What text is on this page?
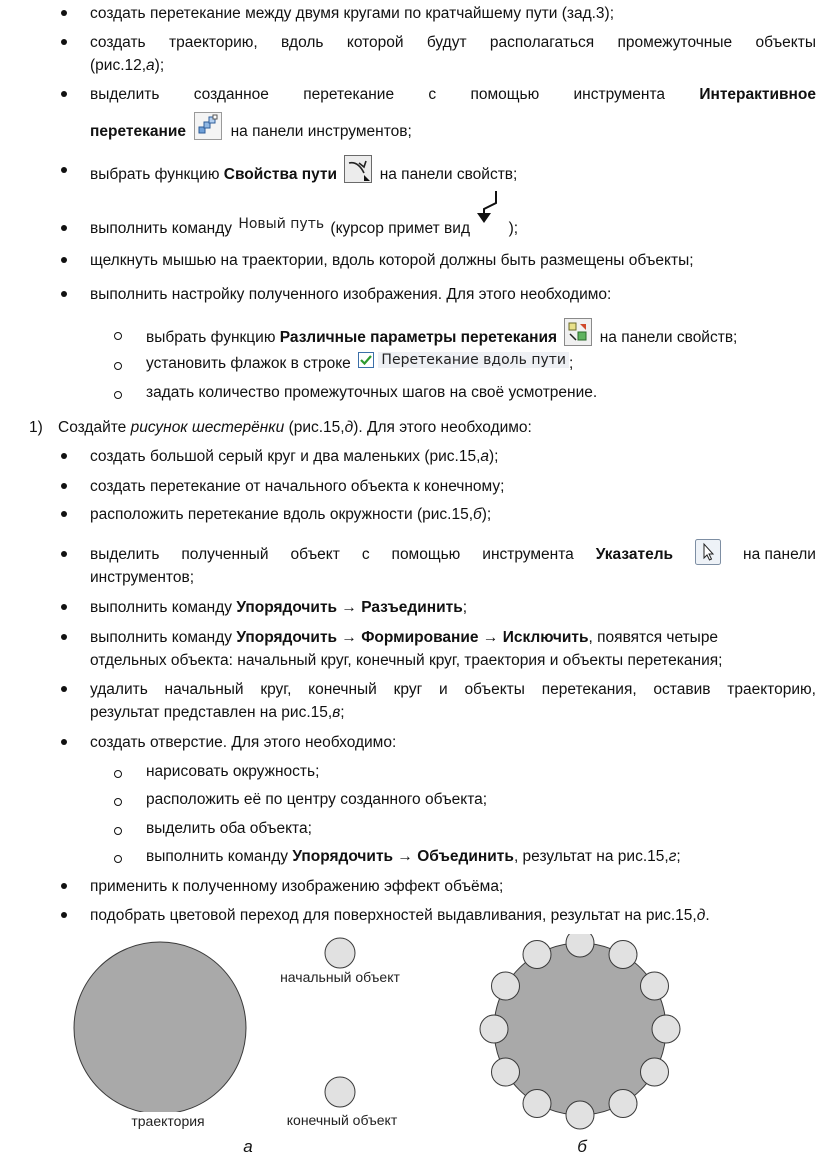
создать перетекание между двумя кругами по кратчайшему пути (зад.3);
создать траекторию, вдоль которой будут располагаться промежуточные объекты
(рис.12,а);
выделить созданное перетекание с помощью инструмента Интерактивное
перетекание	на панели инструментов;
выбрать функцию Свойства пути	на панели свойств;
выполнить команду Новый путь (курсор примет вид );
щелкнуть мышью на траектории, вдоль которой должны быть размещены объекты;
выполнить настройку полученного изображения. Для этого необходимо:
выбрать функцию Различные параметры перетекания	на панели свойств;
установить флажок в строке Перетекание вдоль пути ;
задать количество промежуточных шагов на своё усмотрение.
1) Создайте рисунок шестерёнки (рис.15,д). Для этого необходимо:
создать большой серый круг и два маленьких (рис.15,а);
создать перетекание от начального объекта к конечному;
расположить перетекание вдоль окружности (рис.15,б);
выделить полученный объект с помощью инструмента Указатель	на панели
инструментов;
выполнить команду Упорядочить → Разъединить;
выполнить команду Упорядочить → Формирование → Исключить, появятся четыре
отдельных объекта: начальный круг, конечный круг, траектория и объекты перетекания;
удалить начальный круг, конечный круг и объекты перетекания, оставив траекторию,
результат представлен на рис.15,в;
создать отверстие. Для этого необходимо:
нарисовать окружность;
расположить её по центру созданного объекта;
выделить оба объекта;
выполнить команду Упорядочить → Объединить, результат на рис.15,г;
применить к полученному изображению эффект объёма;
подобрать цветовой переход для поверхностей выдавливания, результат на рис.15,д.
траектория
начальный объект
конечный объект
а	б
